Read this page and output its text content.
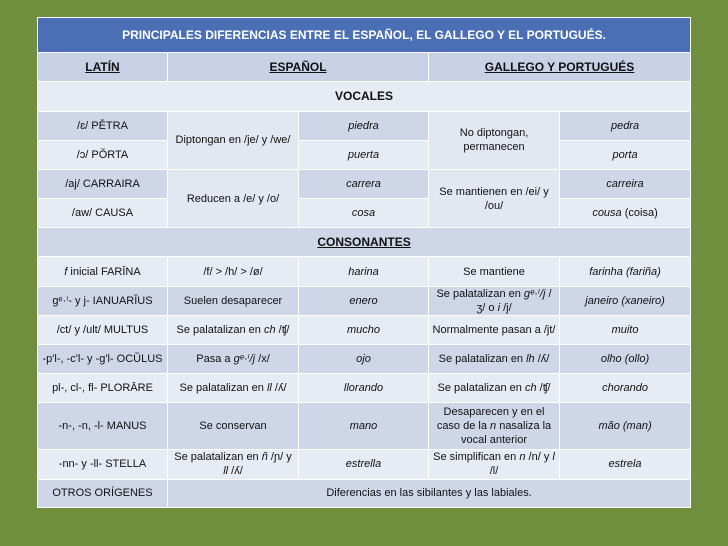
PRINCIPALES DIFERENCIAS ENTRE EL ESPAÑOL, EL GALLEGO Y EL PORTUGUÉS.				
LATÍN	ESPAÑOL		GALLEGO Y PORTUGUÉS	
VOCALES				
/ɛ/ PĔTRA	Diptongan en /je/ y /we/	piedra	No diptongan, permanecen	pedra
/ɔ/ PŎRTA		puerta		porta
/aj/ CARRAIRA	Reducen a /e/ y /o/	carrera	Se mantienen en /ei/ y /ou/	carreira
/aw/ CAUSA		cosa		cousa (coisa)
CONSONANTES				
f inicial FARĪNA	/f/ > /h/ > /ø/	harina	Se mantiene	farinha (fariña)
gᵉ·ⁱ- y j- IANUARĬUS	Suelen desaparecer	enero	Se palatalizan en gᵉ·ⁱ/j /ʒ/ o i /j/	janeiro (xaneiro)
/ct/ y /ult/ MULTUS	Se palatalizan en ch /ʧ/	mucho	Normalmente pasan a /jt/	muito
-p'l-, -c'l- y -g'l- OCŬLUS	Pasa a gᵉ·ⁱ/j /x/	ojo	Se palatalizan en lh /ʎ/	olho (ollo)
pl-, cl-, fl- PLORĀRE	Se palatalizan en ll /ʎ/	llorando	Se palatalizan en ch /ʧ/	chorando
-n-, -n, -l- MANUS	Se conservan	mano	Desaparecen y en el caso de la n nasaliza la vocal anterior	mão (man)
-nn- y -ll- STELLA	Se palatalizan en ñ /ɲ/ y ll /ʎ/	estrella	Se simplifican en n /n/ y l /l/	estrela
OTROS ORÍGENES	Diferencias en las sibilantes y las labiales.			
